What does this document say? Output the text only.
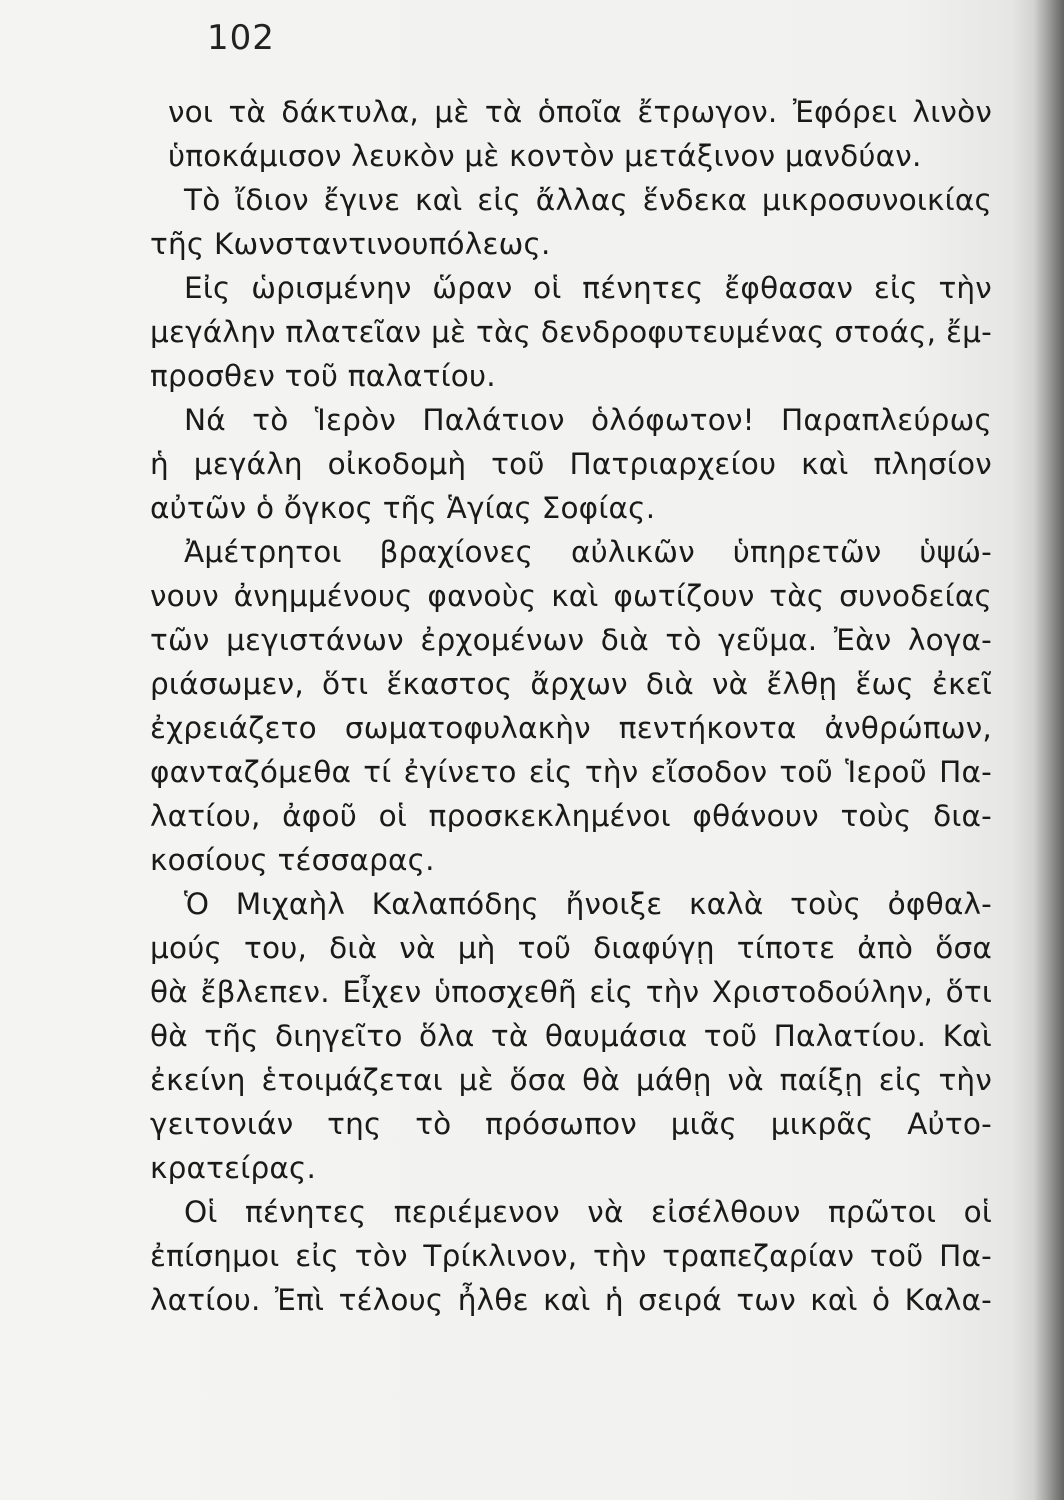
102
νοι τὰ δάκτυλα, μὲ τὰ ὁποῖα ἔτρωγον. Ἐφόρει λινὸν
ὑποκάμισον λευκὸν μὲ κοντὸν μετάξινον μανδύαν.
Τὸ ἴδιον ἔγινε καὶ εἰς ἄλλας ἕνδεκα μικροσυνοικίας
τῆς Κωνσταντινουπόλεως.
Εἰς ὡρισμένην ὥραν οἱ πένητες ἔφθασαν εἰς τὴν
μεγάλην πλατεῖαν μὲ τὰς δενδροφυτευμένας στοάς, ἔμ-
προσθεν τοῦ παλατίου.
Νά τὸ Ἱερὸν Παλάτιον ὁλόφωτον! Παραπλεύρως
ἡ μεγάλη οἰκοδομὴ τοῦ Πατριαρχείου καὶ πλησίον
αὐτῶν ὁ ὄγκος τῆς Ἁγίας Σοφίας.
Ἀμέτρητοι βραχίονες αὐλικῶν ὑπηρετῶν ὑψώ-
νουν ἀνημμένους φανοὺς καὶ φωτίζουν τὰς συνοδείας
τῶν μεγιστάνων ἐρχομένων διὰ τὸ γεῦμα. Ἐὰν λογα-
ριάσωμεν, ὅτι ἕκαστος ἄρχων διὰ νὰ ἔλθῃ ἕως ἐκεῖ
ἐχρειάζετο σωματοφυλακὴν πεντήκοντα ἀνθρώπων,
φανταζόμεθα τί ἐγίνετο εἰς τὴν εἴσοδον τοῦ Ἱεροῦ Πα-
λατίου, ἀφοῦ οἱ προσκεκλημένοι φθάνουν τοὺς δια-
κοσίους τέσσαρας.
Ὁ Μιχαὴλ Καλαπόδης ἤνοιξε καλὰ τοὺς ὀφθαλ-
μούς του, διὰ νὰ μὴ τοῦ διαφύγῃ τίποτε ἀπὸ ὅσα
θὰ ἔβλεπεν. Εἶχεν ὑποσχεθῆ εἰς τὴν Χριστοδούλην, ὅτι
θὰ τῆς διηγεῖτο ὅλα τὰ θαυμάσια τοῦ Παλατίου. Καὶ
ἐκείνη ἑτοιμάζεται μὲ ὅσα θὰ μάθῃ νὰ παίξῃ εἰς τὴν
γειτονιάν της τὸ πρόσωπον μιᾶς μικρᾶς Αὐτο-
κρατείρας.
Οἱ πένητες περιέμενον νὰ εἰσέλθουν πρῶτοι οἱ
ἐπίσημοι εἰς τὸν Τρίκλινον, τὴν τραπεζαρίαν τοῦ Πα-
λατίου. Ἐπὶ τέλους ἦλθε καὶ ἡ σειρά των καὶ ὁ Καλα-
